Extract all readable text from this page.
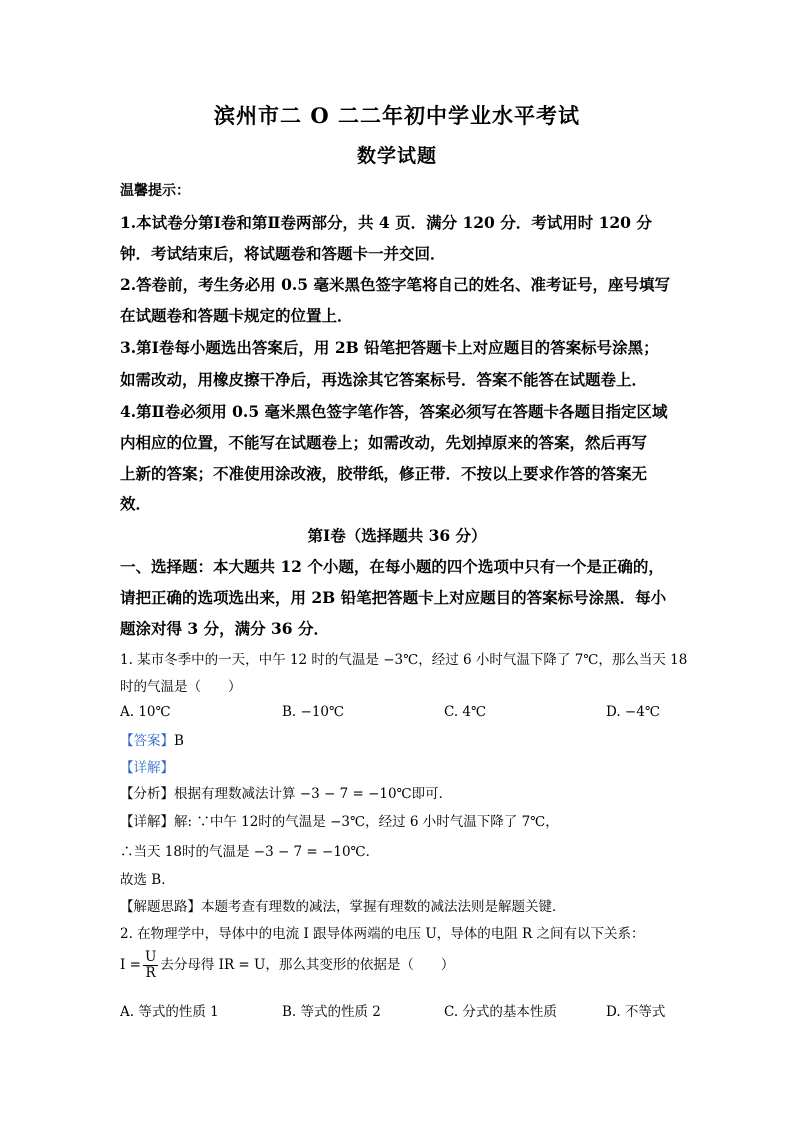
滨州市二 O 二二年初中学业水平考试
数学试题
温馨提示：
1.本试卷分第Ⅰ卷和第Ⅱ卷两部分，共 4 页．满分 120 分．考试用时 120 分
钟．考试结束后，将试题卷和答题卡一并交回．
2.答卷前，考生务必用 0.5 毫米黑色签字笔将自己的姓名、准考证号，座号填写
在试题卷和答题卡规定的位置上．
3.第Ⅰ卷每小题选出答案后，用 2B 铅笔把答题卡上对应题目的答案标号涂黑；
如需改动，用橡皮擦干净后，再选涂其它答案标号．答案不能答在试题卷上．
4.第Ⅱ卷必须用 0.5 毫米黑色签字笔作答，答案必须写在答题卡各题目指定区域
内相应的位置，不能写在试题卷上；如需改动，先划掉原来的答案，然后再写
上新的答案；不准使用涂改液，胶带纸，修正带．不按以上要求作答的答案无
效．
第Ⅰ卷（选择题共 36 分）
一、选择题：本大题共 12 个小题，在每小题的四个选项中只有一个是正确的，
请把正确的选项选出来，用 2B 铅笔把答题卡上对应题目的答案标号涂黑．每小
题涂对得 3 分，满分 36 分．
1. 某市冬季中的一天，中午 12 时的气温是 −3℃，经过 6 小时气温下降了 7℃，那么当天 18
时的气温是（　　）
A. 10℃	B. −10℃	C. 4℃	D. −4℃
【答案】B
【详解】
【分析】根据有理数减法计算 −3 − 7 = −10℃即可．
【详解】解: ∵中午 12时的气温是 −3℃，经过 6 小时气温下降了 7℃，
∴当天 18时的气温是 −3 − 7 = −10℃．
故选 B．
【解题思路】本题考查有理数的减法，掌握有理数的减法法则是解题关键．
2. 在物理学中，导体中的电流 I 跟导体两端的电压 U，导体的电阻 R 之间有以下关系：
$I = \frac{U}{R}$ 去分母得 IR = U，那么其变形的依据是（　　）
A. 等式的性质 1	B. 等式的性质 2	C. 分式的基本性质	D. 不等式
